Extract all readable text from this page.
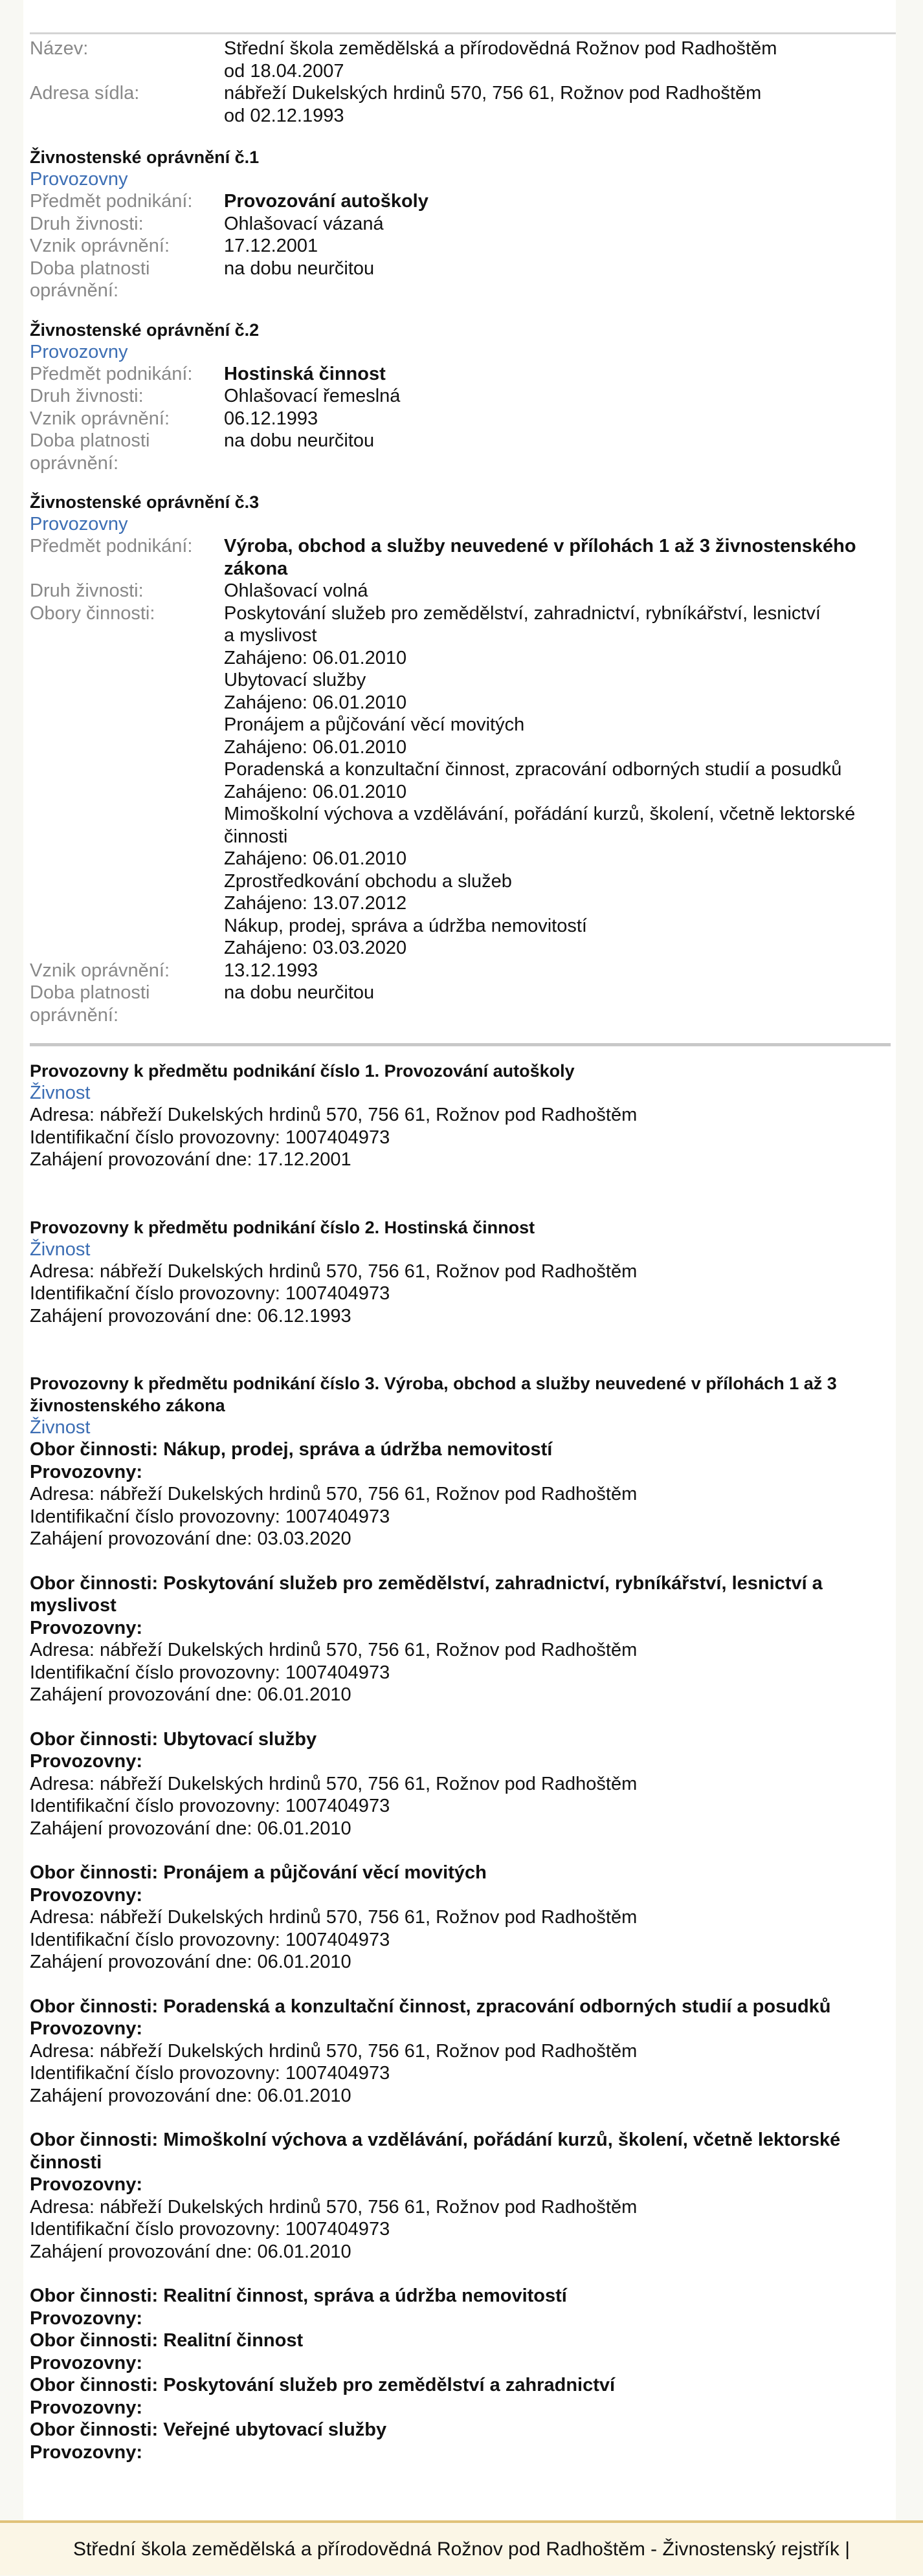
Název:	Střední škola zemědělská a přírodovědná Rožnov pod Radhoštěm
od 18.04.2007
Adresa sídla:	nábřeží Dukelských hrdinů 570, 756 61, Rožnov pod Radhoštěm
od 02.12.1993
Živnostenské oprávnění č.1
Provozovny
Předmět podnikání:	Provozování autoškoly
Druh živnosti:	Ohlašovací vázaná
Vznik oprávnění:	17.12.2001
Doba platnosti
oprávnění:
na dobu neurčitou
Živnostenské oprávnění č.2
Provozovny
Předmět podnikání:	Hostinská činnost
Druh živnosti:	Ohlašovací řemeslná
Vznik oprávnění:	06.12.1993
Doba platnosti
oprávnění:
na dobu neurčitou
Živnostenské oprávnění č.3
Provozovny
Předmět podnikání:	Výroba, obchod a služby neuvedené v přílohách 1 až 3 živnostenského
zákona
Druh živnosti:	Ohlašovací volná
Obory činnosti:	Poskytování služeb pro zemědělství, zahradnictví, rybníkářství, lesnictví
a myslivost
Zahájeno: 06.01.2010
Ubytovací služby
Zahájeno: 06.01.2010
Pronájem a půjčování věcí movitých
Zahájeno: 06.01.2010
Poradenská a konzultační činnost, zpracování odborných studií a posudků
Zahájeno: 06.01.2010
Mimoškolní výchova a vzdělávání, pořádání kurzů, školení, včetně lektorské
činnosti
Zahájeno: 06.01.2010
Zprostředkování obchodu a služeb
Zahájeno: 13.07.2012
Nákup, prodej, správa a údržba nemovitostí
Zahájeno: 03.03.2020
Vznik oprávnění:	13.12.1993
Doba platnosti
oprávnění:
na dobu neurčitou
Provozovny k předmětu podnikání číslo 1. Provozování autoškoly
Živnost
Adresa: nábřeží Dukelských hrdinů 570, 756 61, Rožnov pod Radhoštěm
Identifikační číslo provozovny: 1007404973
Zahájení provozování dne: 17.12.2001
Provozovny k předmětu podnikání číslo 2. Hostinská činnost
Živnost
Adresa: nábřeží Dukelských hrdinů 570, 756 61, Rožnov pod Radhoštěm
Identifikační číslo provozovny: 1007404973
Zahájení provozování dne: 06.12.1993
Provozovny k předmětu podnikání číslo 3. Výroba, obchod a služby neuvedené v přílohách 1 až 3
živnostenského zákona
Živnost
Obor činnosti: Nákup, prodej, správa a údržba nemovitostí
Provozovny:
Adresa: nábřeží Dukelských hrdinů 570, 756 61, Rožnov pod Radhoštěm
Identifikační číslo provozovny: 1007404973
Zahájení provozování dne: 03.03.2020
Obor činnosti: Poskytování služeb pro zemědělství, zahradnictví, rybníkářství, lesnictví a
myslivost
Provozovny:
Adresa: nábřeží Dukelských hrdinů 570, 756 61, Rožnov pod Radhoštěm
Identifikační číslo provozovny: 1007404973
Zahájení provozování dne: 06.01.2010
Obor činnosti: Ubytovací služby
Provozovny:
Adresa: nábřeží Dukelských hrdinů 570, 756 61, Rožnov pod Radhoštěm
Identifikační číslo provozovny: 1007404973
Zahájení provozování dne: 06.01.2010
Obor činnosti: Pronájem a půjčování věcí movitých
Provozovny:
Adresa: nábřeží Dukelských hrdinů 570, 756 61, Rožnov pod Radhoštěm
Identifikační číslo provozovny: 1007404973
Zahájení provozování dne: 06.01.2010
Obor činnosti: Poradenská a konzultační činnost, zpracování odborných studií a posudků
Provozovny:
Adresa: nábřeží Dukelských hrdinů 570, 756 61, Rožnov pod Radhoštěm
Identifikační číslo provozovny: 1007404973
Zahájení provozování dne: 06.01.2010
Obor činnosti: Mimoškolní výchova a vzdělávání, pořádání kurzů, školení, včetně lektorské
činnosti
Provozovny:
Adresa: nábřeží Dukelských hrdinů 570, 756 61, Rožnov pod Radhoštěm
Identifikační číslo provozovny: 1007404973
Zahájení provozování dne: 06.01.2010
Obor činnosti: Realitní činnost, správa a údržba nemovitostí
Provozovny:
Obor činnosti: Realitní činnost
Provozovny:
Obor činnosti: Poskytování služeb pro zemědělství a zahradnictví
Provozovny:
Obor činnosti: Veřejné ubytovací služby
Provozovny:
Střední škola zemědělská a přírodovědná Rožnov pod Radhoštěm - Živnostenský rejstřík |
